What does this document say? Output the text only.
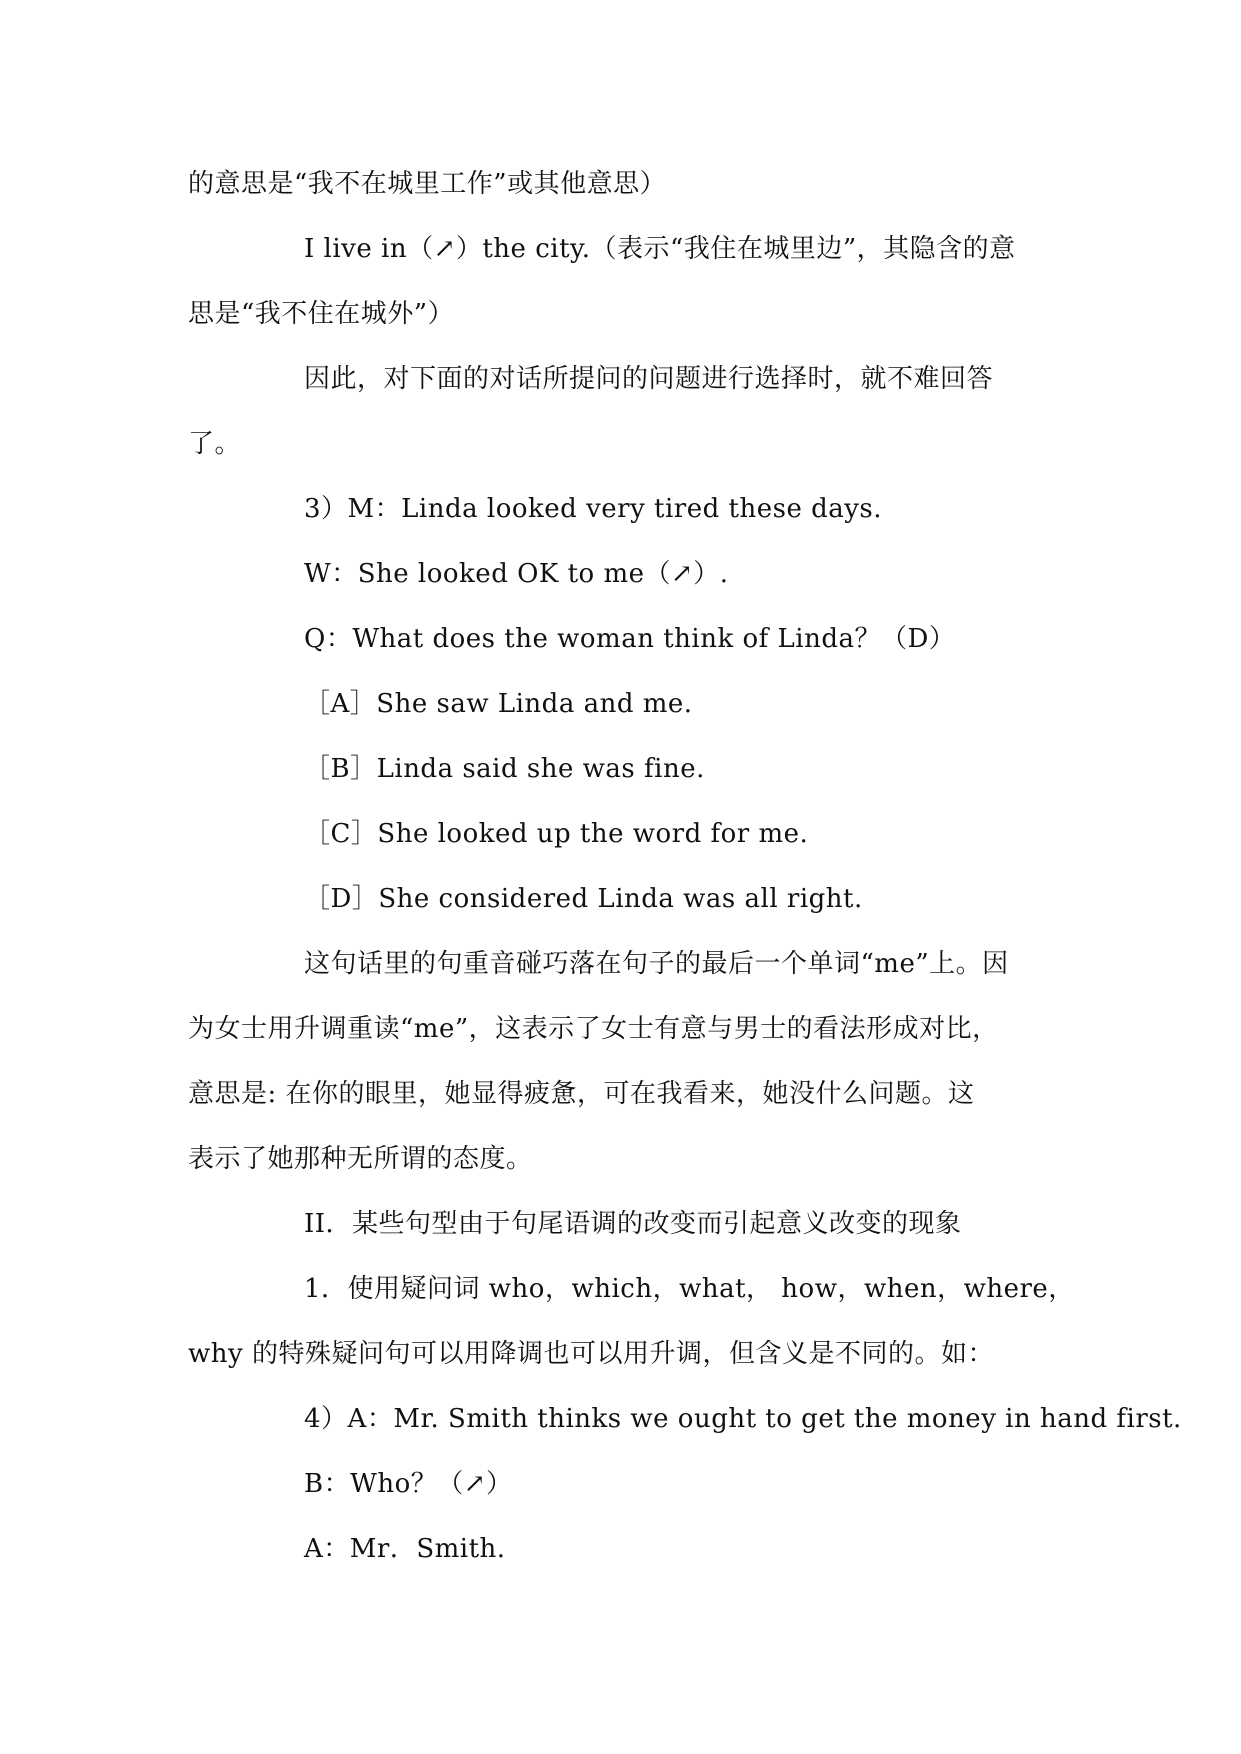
的意思是“我不在城里工作”或其他意思）
I live in（↗）the city.（表示“我住在城里边”，其隐含的意
思是“我不住在城外”）
因此，对下面的对话所提问的问题进行选择时，就不难回答
了。
3）M：Linda looked very tired these days.
W：She looked OK to me（↗）.
Q：What does the woman think of Linda？（D）
［A］She saw Linda and me.
［B］Linda said she was fine.
［C］She looked up the word for me.
［D］She considered Linda was all right.
这句话里的句重音碰巧落在句子的最后一个单词“me”上。因
为女士用升调重读“me”，这表示了女士有意与男士的看法形成对比，
意思是: 在你的眼里，她显得疲惫，可在我看来，她没什么问题。这
表示了她那种无所谓的态度。
II．某些句型由于句尾语调的改变而引起意义改变的现象
1．使用疑问词 who，which，what， how，when，where，
why 的特殊疑问句可以用降调也可以用升调，但含义是不同的。如：
4）A：Mr. Smith thinks we ought to get the money in hand first.
B：Who？（↗）
A：Mr．Smith.
